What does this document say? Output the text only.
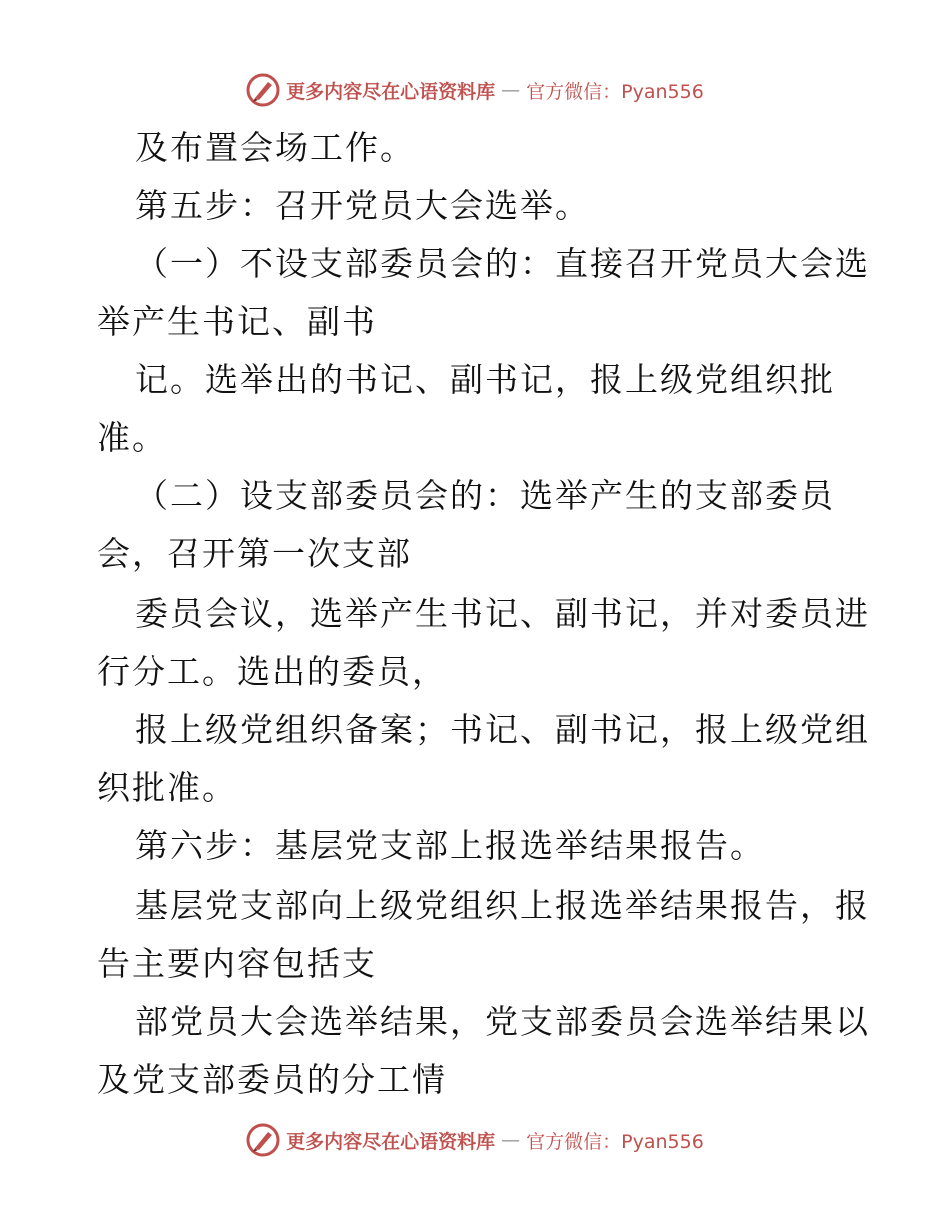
更多内容尽在心语资料库 — 官方微信：Pyan556

及布置会场工作。

第五步：召开党员大会选举。

（一）不设支部委员会的：直接召开党员大会选

举产生书记、副书

记。选举出的书记、副书记，报上级党组织批

准。

（二）设支部委员会的：选举产生的支部委员

会，召开第一次支部

委员会议，选举产生书记、副书记，并对委员进

行分工。选出的委员，

报上级党组织备案；书记、副书记，报上级党组

织批准。

第六步：基层党支部上报选举结果报告。

基层党支部向上级党组织上报选举结果报告，报

告主要内容包括支

部党员大会选举结果，党支部委员会选举结果以

及党支部委员的分工情

更多内容尽在心语资料库 — 官方微信：Pyan556
